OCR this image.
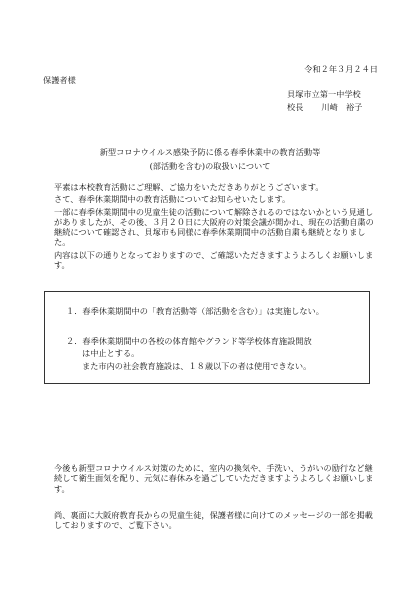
令和２年３月２４日
保護者様
貝塚市立第一中学校
校長 川崎　裕子
新型コロナウイルス感染予防に係る春季休業中の教育活動等
(部活動を含む)の取扱いについて

平素は本校教育活動にご理解、ご協力をいただきありがとうございます。

さて、春季休業期間中の教育活動についてお知らせいたします。

一部に春季休業期間中の児童生徒の活動について解除されるのではないかという見通しがありましたが、その後、３月２０日に大阪府の対策会議が開かれ、現在の活動自粛の継続について確認され、貝塚市も同様に春季休業期間中の活動自粛も継続となりました。

内容は以下の通りとなっておりますので、ご確認いただきますようよろしくお願いします。

１．春季休業期間中の「教育活動等（部活動を含む）」は実施しない。
２．春季休業期間中の各校の体育館やグランド等学校体育施設開放
は中止とする。
また市内の社会教育施設は、１８歳以下の者は使用できない。

今後も新型コロナウイルス対策のために、室内の換気や、手洗い、うがいの励行など継続して衛生面気を配り、元気に春休みを過ごしていただきますようよろしくお願いします。

尚、裏面に大阪府教育長からの児童生徒，保護者様に向けてのメッセージの一部を掲載しておりますので、ご覧下さい。
